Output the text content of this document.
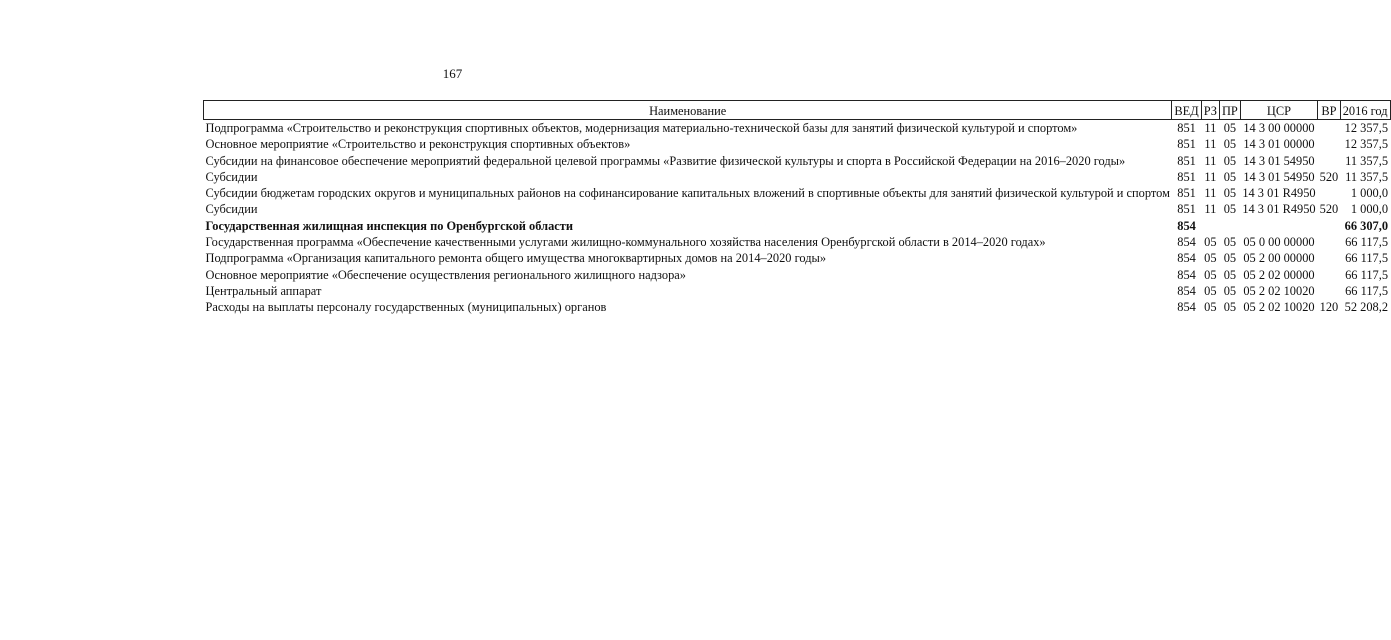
167
Наименование	ВЕД	РЗ	ПР	ЦСР	ВР	2016 год
Подпрограмма «Строительство и реконструкция спортивных объектов, модернизация материально-технической базы для занятий физической культурой и спортом»	851	11	05	14 3 00 00000		12 357,5
Основное мероприятие «Строительство и реконструкция спортивных объектов»	851	11	05	14 3 01 00000		12 357,5
Субсидии на финансовое обеспечение мероприятий федеральной целевой программы «Развитие физической культуры и спорта в Российской Федерации на 2016–2020 годы»	851	11	05	14 3 01 54950		11 357,5
Субсидии	851	11	05	14 3 01 54950	520	11 357,5
Субсидии бюджетам городских округов и муниципальных районов на софинансирование капитальных вложений в спортивные объекты для занятий физической культурой и спортом	851	11	05	14 3 01 R4950		1 000,0
Субсидии	851	11	05	14 3 01 R4950	520	1 000,0
Государственная жилищная инспекция по Оренбургской области	854					66 307,0
Государственная программа «Обеспечение качественными услугами жилищно-коммунального хозяйства населения Оренбургской области в 2014–2020 годах»	854	05	05	05 0 00 00000		66 117,5
Подпрограмма «Организация капитального ремонта общего имущества многоквартирных домов на 2014–2020 годы»	854	05	05	05 2 00 00000		66 117,5
Основное мероприятие «Обеспечение осуществления регионального жилищного надзора»	854	05	05	05 2 02 00000		66 117,5
Центральный аппарат	854	05	05	05 2 02 10020		66 117,5
Расходы на выплаты персоналу государственных (муниципальных) органов	854	05	05	05 2 02 10020	120	52 208,2
